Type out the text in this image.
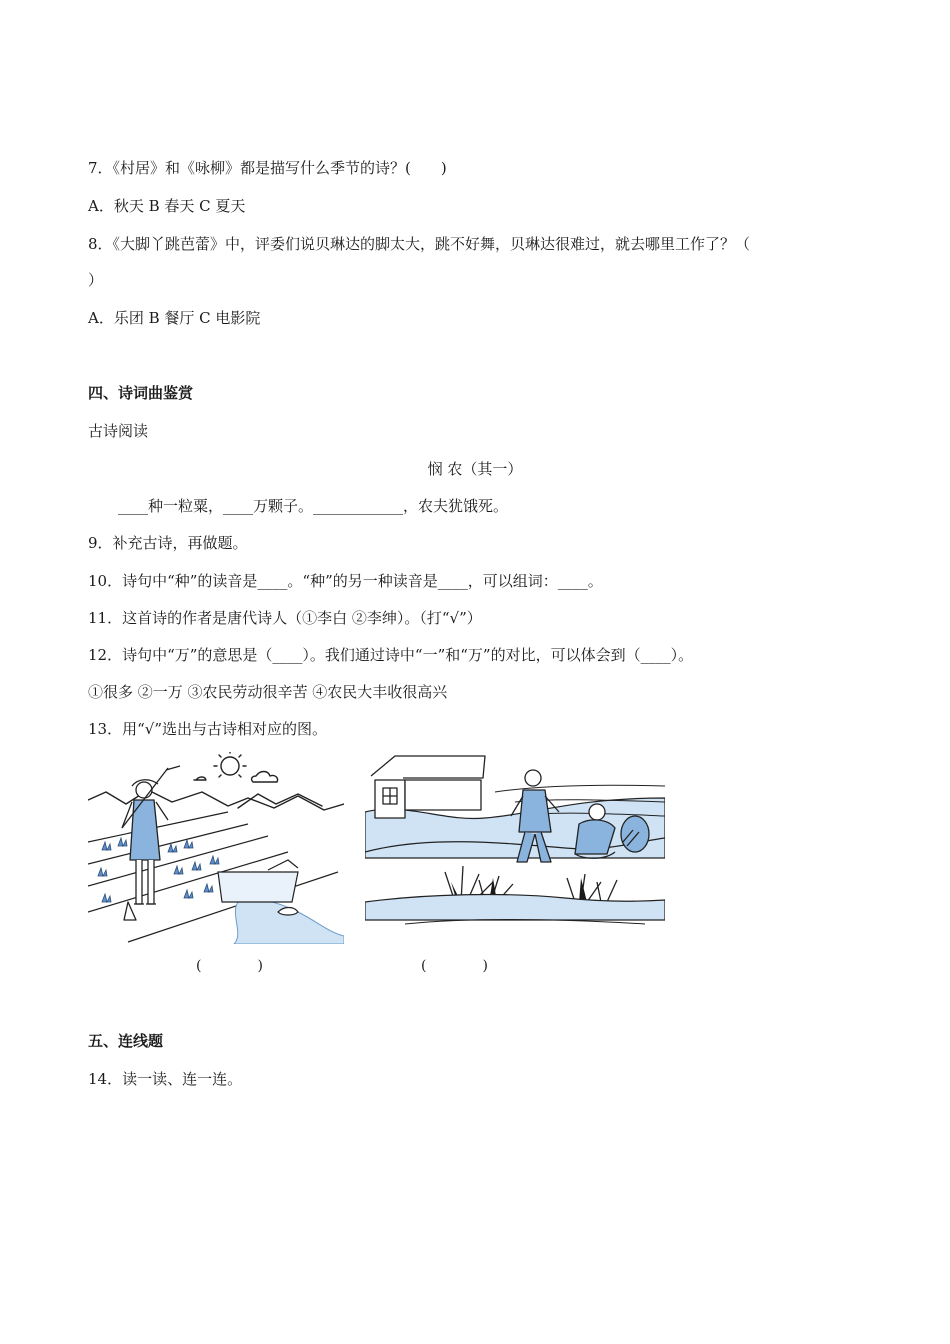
7．《村居》和《咏柳》都是描写什么季节的诗？(　　)
A．秋天 B 春天 C 夏天
8．《大脚丫跳芭蕾》中，评委们说贝琳达的脚太大，跳不好舞，贝琳达很难过，就去哪里工作了？（
）
A．乐团 B 餐厅 C 电影院
四、诗词曲鉴赏
古诗阅读
悯 农（其一）
____种一粒粟，____万颗子。____________，农夫犹饿死。
9．补充古诗，再做题。
10．诗句中“种”的读音是____。“种”的另一种读音是____，可以组词：____。
11．这首诗的作者是唐代诗人（①李白 ②李绅）。（打“√”）
12．诗句中“万”的意思是（____）。我们通过诗中“一”和“万”的对比，可以体会到（____）。
①很多 ②一万 ③农民劳动很辛苦 ④农民大丰收很高兴
13．用“√”选出与古诗相对应的图。
(　　　　)	(　　　　)
五、连线题
14．读一读、连一连。
